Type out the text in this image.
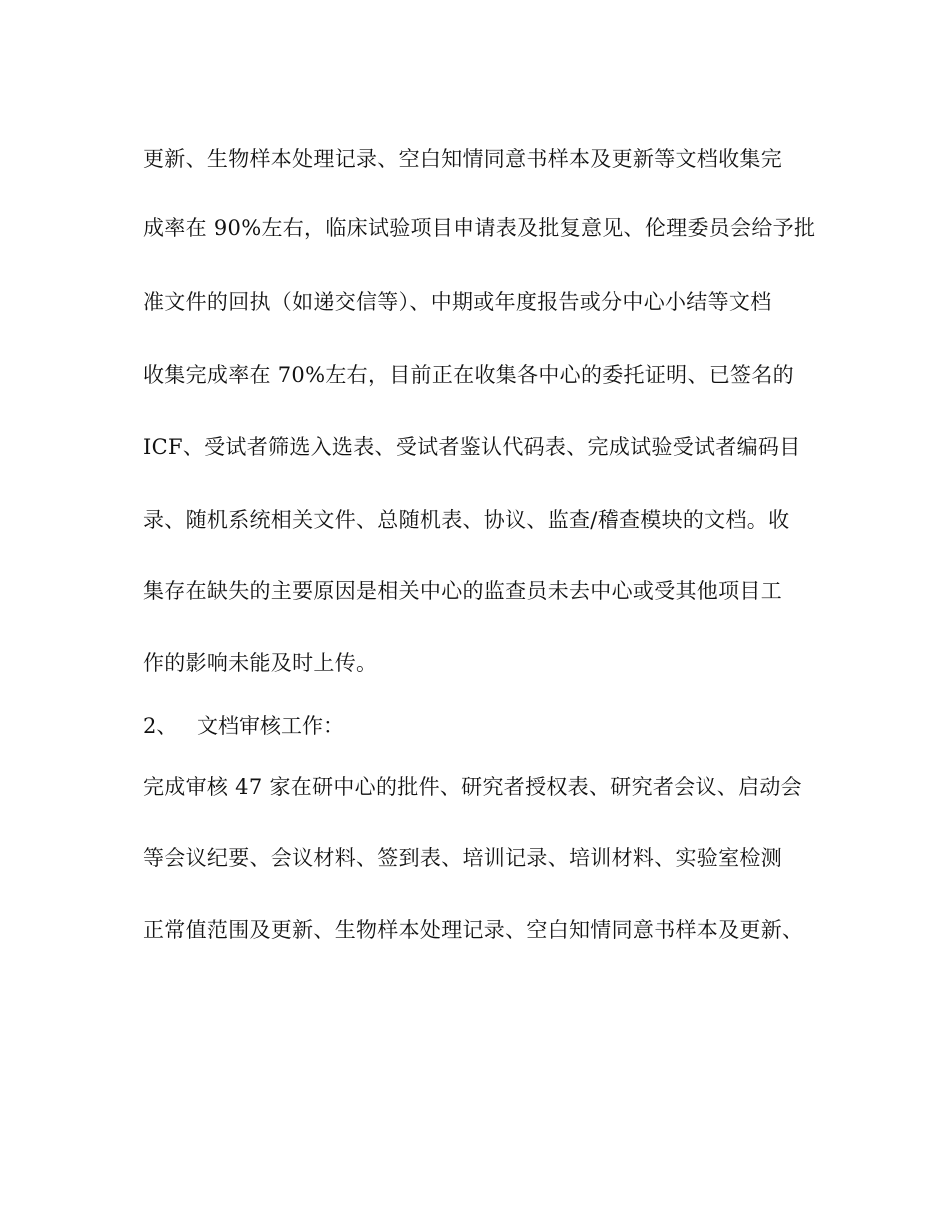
更新、生物样本处理记录、空白知情同意书样本及更新等文档收集完

成率在 90%左右，临床试验项目申请表及批复意见、伦理委员会给予批

准文件的回执（如递交信等）、中期或年度报告或分中心小结等文档

收集完成率在 70%左右，目前正在收集各中心的委托证明、已签名的

ICF、受试者筛选入选表、受试者鉴认代码表、完成试验受试者编码目

录、随机系统相关文件、总随机表、协议、监查/稽查模块的文档。收

集存在缺失的主要原因是相关中心的监查员未去中心或受其他项目工

作的影响未能及时上传。

2、 文档审核工作：

完成审核 47 家在研中心的批件、研究者授权表、研究者会议、启动会

等会议纪要、会议材料、签到表、培训记录、培训材料、实验室检测

正常值范围及更新、生物样本处理记录、空白知情同意书样本及更新、
